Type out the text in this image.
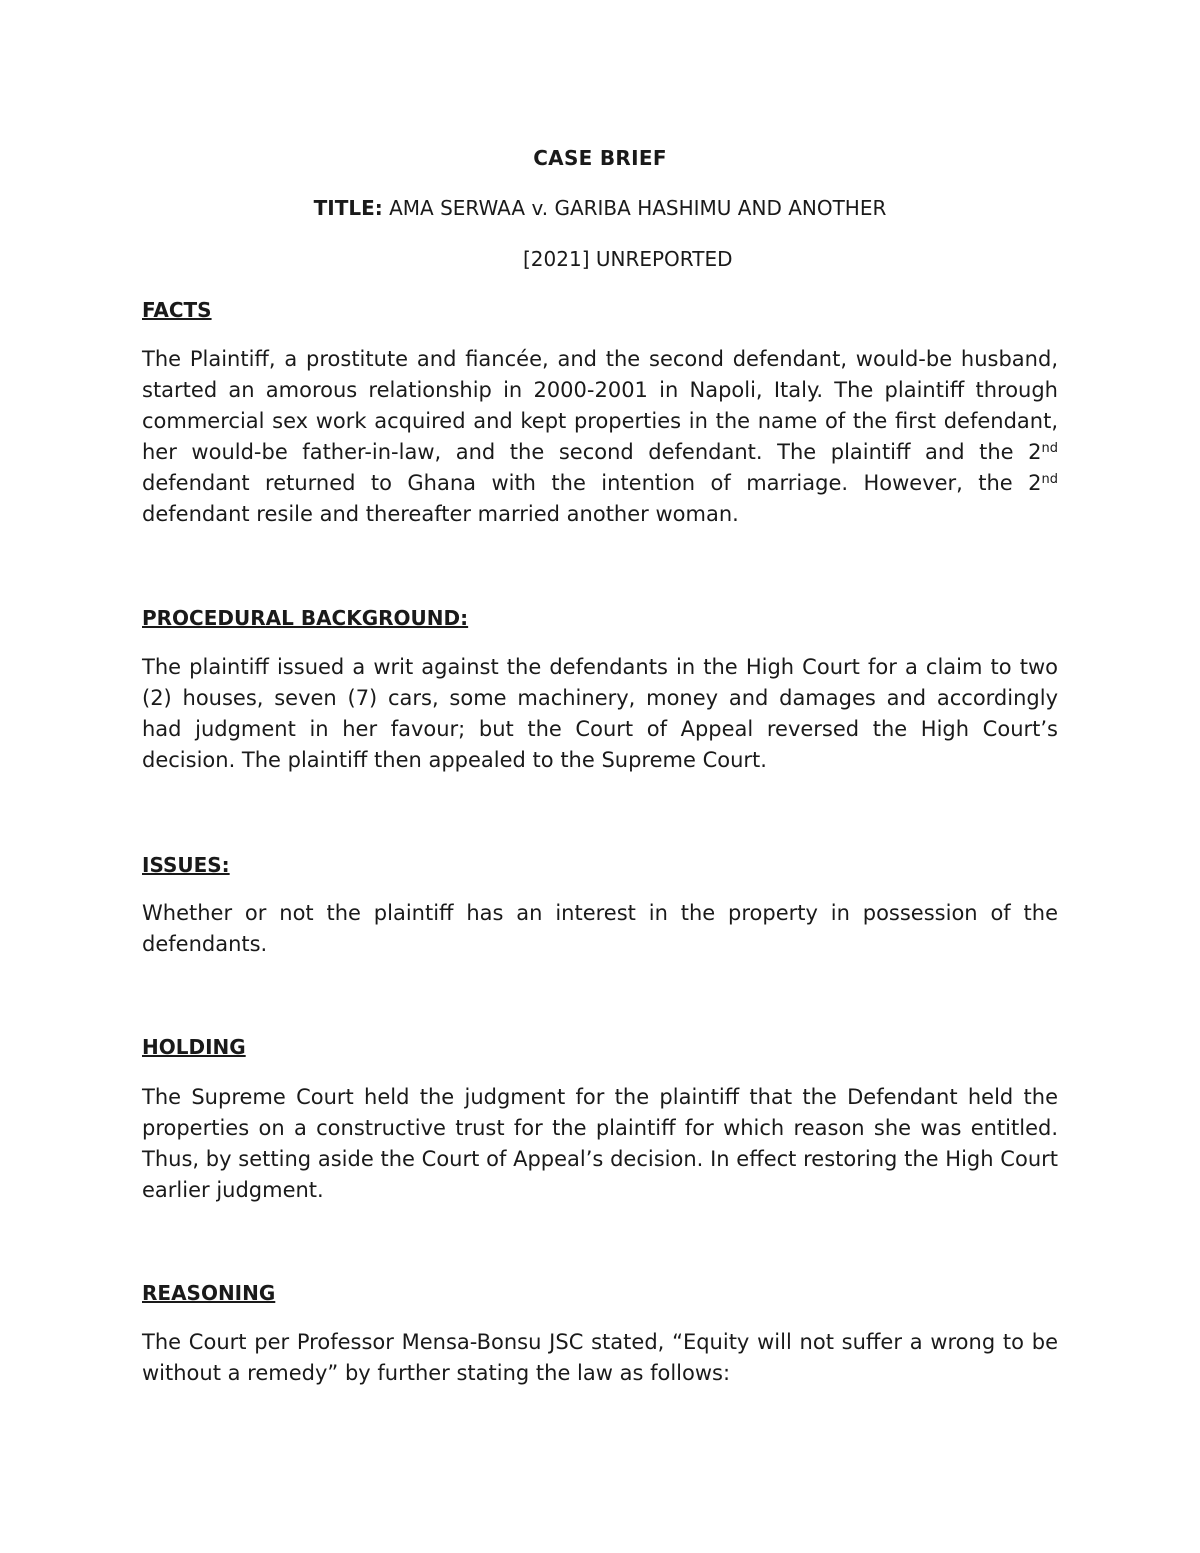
CASE BRIEF

TITLE: AMA SERWAA v. GARIBA HASHIMU AND ANOTHER

[2021] UNREPORTED

FACTS

The Plaintiff, a prostitute and fiancée, and the second defendant, would-be husband, started an amorous relationship in 2000-2001 in Napoli, Italy. The plaintiff through commercial sex work acquired and kept properties in the name of the first defendant, her would-be father-in-law, and the second defendant. The plaintiff and the 2nd defendant returned to Ghana with the intention of marriage. However, the 2nd defendant resile and thereafter married another woman.

PROCEDURAL BACKGROUND:

The plaintiff issued a writ against the defendants in the High Court for a claim to two (2) houses, seven (7) cars, some machinery, money and damages and accordingly had judgment in her favour; but the Court of Appeal reversed the High Court’s decision. The plaintiff then appealed to the Supreme Court.

ISSUES:

Whether or not the plaintiff has an interest in the property in possession of the defendants.

HOLDING

The Supreme Court held the judgment for the plaintiff that the Defendant held the properties on a constructive trust for the plaintiff for which reason she was entitled. Thus, by setting aside the Court of Appeal’s decision. In effect restoring the High Court earlier judgment.

REASONING

The Court per Professor Mensa-Bonsu JSC stated, “Equity will not suffer a wrong to be without a remedy” by further stating the law as follows:
